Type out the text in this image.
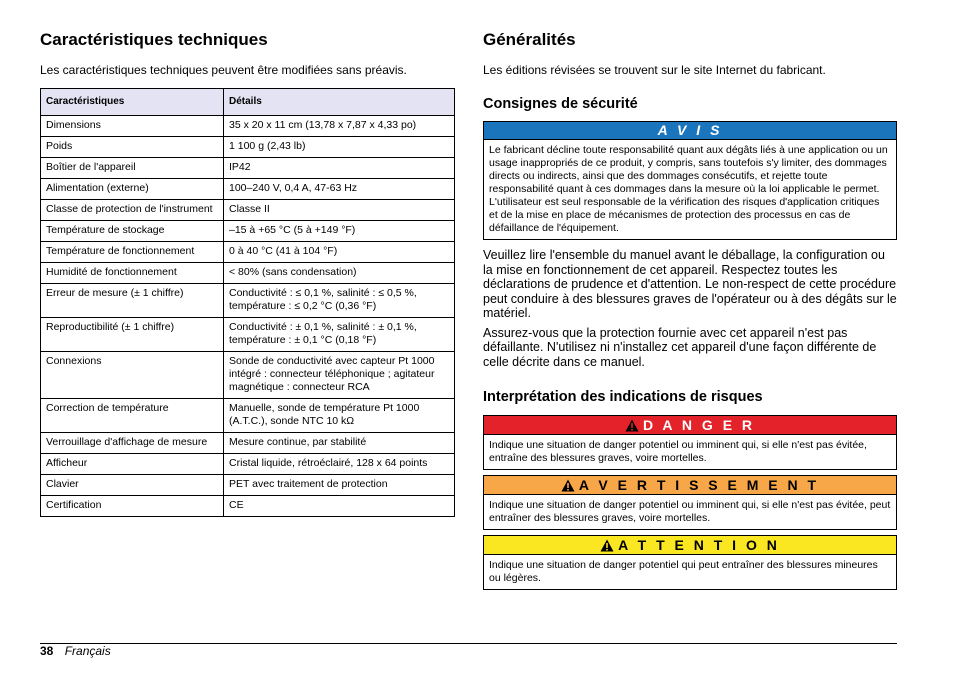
Caractéristiques techniques

Les caractéristiques techniques peuvent être modifiées sans préavis.

Caractéristiques	Détails
Dimensions	35 x 20 x 11 cm (13,78 x 7,87 x 4,33 po)
Poids	1 100 g (2,43 lb)
Boîtier de l'appareil	IP42
Alimentation (externe)	100–240 V, 0,4 A, 47-63 Hz
Classe de protection de l'instrument	Classe II
Température de stockage	–15 à +65 °C (5 à +149 °F)
Température de fonctionnement	0 à 40 °C (41 à 104 °F)
Humidité de fonctionnement	< 80% (sans condensation)
Erreur de mesure (± 1 chiffre)	Conductivité : ≤ 0,1 %, salinité : ≤ 0,5 %, température : ≤ 0,2 °C (0,36 °F)
Reproductibilité (± 1 chiffre)	Conductivité : ± 0,1 %, salinité : ± 0,1 %, température : ± 0,1 °C (0,18 °F)
Connexions	Sonde de conductivité avec capteur Pt 1000 intégré : connecteur téléphonique ; agitateur magnétique : connecteur RCA
Correction de température	Manuelle, sonde de température Pt 1000 (A.T.C.), sonde NTC 10 kΩ
Verrouillage d'affichage de mesure	Mesure continue, par stabilité
Afficheur	Cristal liquide, rétroéclairé, 128 x 64 points
Clavier	PET avec traitement de protection
Certification	CE
Généralités

Les éditions révisées se trouvent sur le site Internet du fabricant.

Consignes de sécurité
A V I S
Le fabricant décline toute responsabilité quant aux dégâts liés à une application ou un usage inappropriés de ce produit, y compris, sans toutefois s'y limiter, des dommages directs ou indirects, ainsi que des dommages consécutifs, et rejette toute responsabilité quant à ces dommages dans la mesure où la loi applicable le permet. L'utilisateur est seul responsable de la vérification des risques d'application critiques et de la mise en place de mécanismes de protection des processus en cas de défaillance de l'équipement.

Veuillez lire l'ensemble du manuel avant le déballage, la configuration ou la mise en fonctionnement de cet appareil. Respectez toutes les déclarations de prudence et d'attention. Le non-respect de cette procédure peut conduire à des blessures graves de l'opérateur ou à des dégâts sur le matériel.

Assurez-vous que la protection fournie avec cet appareil n'est pas défaillante. N'utilisez ni n'installez cet appareil d'une façon différente de celle décrite dans ce manuel.

Interprétation des indications de risques
D A N G E R
Indique une situation de danger potentiel ou imminent qui, si elle n'est pas évitée, entraîne des blessures graves, voire mortelles.
A V E R T I S S E M E N T
Indique une situation de danger potentiel ou imminent qui, si elle n'est pas évitée, peut entraîner des blessures graves, voire mortelles.
A T T E N T I O N
Indique une situation de danger potentiel qui peut entraîner des blessures mineures ou légères.
38 Français
